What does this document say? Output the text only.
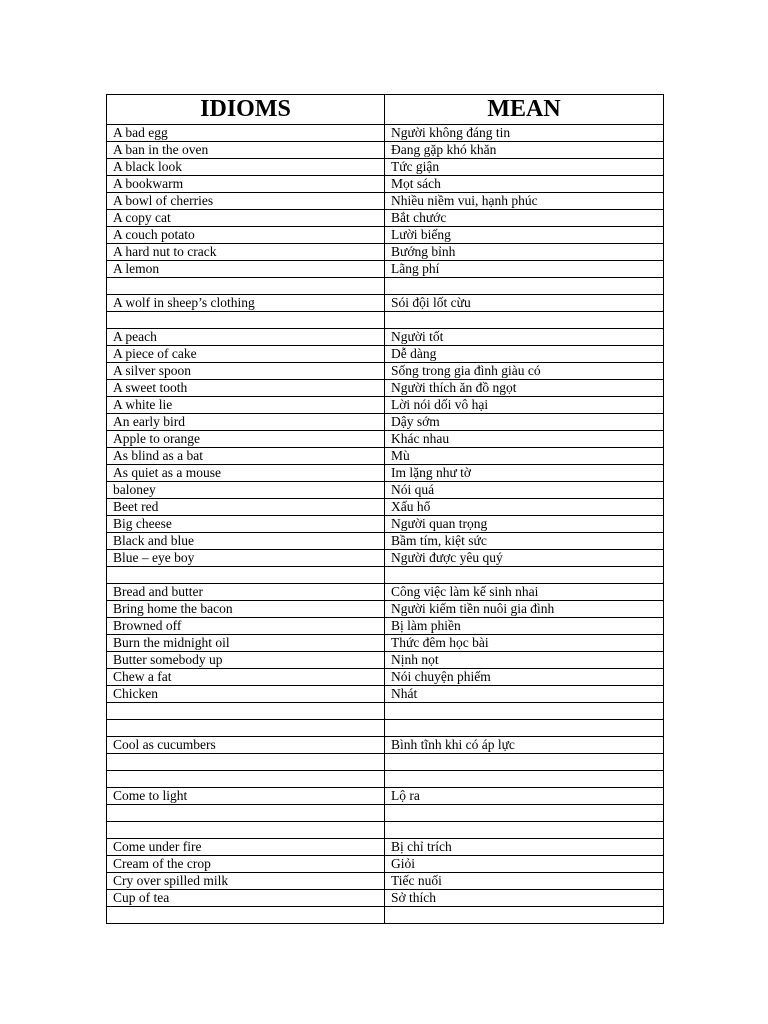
IDIOMS	MEAN
A bad egg	Người không đáng tin
A ban in the oven	Đang gặp khó khăn
A black look	Tức giận
A bookwarm	Mọt sách
A bowl of cherries	Nhiều niềm vui, hạnh phúc
A copy cat	Bắt chước
A couch potato	Lười biếng
A hard nut to crack	Bướng bỉnh
A lemon	Lãng phí

A wolf in sheep’s clothing	Sói đội lốt cừu

A peach	Người tốt
A piece of cake	Dễ dàng
A silver spoon	Sống trong gia đình giàu có
A sweet tooth	Người thích ăn đồ ngọt
A white lie	Lời nói dối vô hại
An early bird	Dậy sớm
Apple to orange	Khác nhau
As blind as a bat	Mù
As quiet as a mouse	Im lặng như tờ
baloney	Nói quá
Beet red	Xấu hổ
Big cheese	Người quan trọng
Black and blue	Bầm tím, kiệt sức
Blue – eye boy	Người được yêu quý

Bread and butter	Công việc làm kế sinh nhai
Bring home the bacon	Người kiếm tiền nuôi gia đình
Browned off	Bị làm phiền
Burn the midnight oil	Thức đêm học bài
Butter somebody up	Nịnh nọt
Chew a fat	Nói chuyện phiếm
Chicken	Nhát

Cool as cucumbers	Bình tĩnh khi có áp lực

Come to light	Lộ ra

Come under fire	Bị chỉ trích
Cream of the crop	Giỏi
Cry over spilled milk	Tiếc nuối
Cup of tea	Sở thích
